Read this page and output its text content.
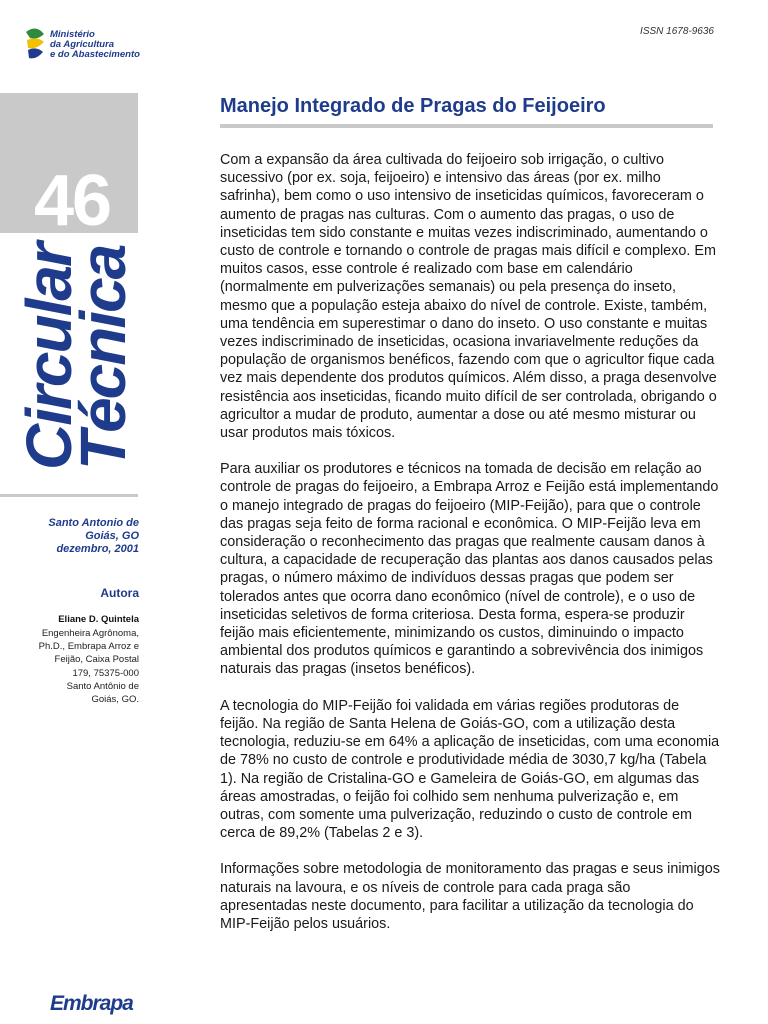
Ministério
da Agricultura
e do Abastecimento
ISSN 1678-9636
46
Circular
Técnica
Santo Antonio de
Goiás, GO
dezembro, 2001
Autora
Eliane D. Quintela
Engenheira Agrônoma,
Ph.D., Embrapa Arroz e
Feijão, Caixa Postal
179, 75375-000
Santo Antônio de
Goiás, GO.
Embrapa
Manejo Integrado de Pragas do Feijoeiro

Com a expansão da área cultivada do feijoeiro sob irrigação, o cultivo sucessivo (por ex. soja, feijoeiro) e intensivo das áreas (por ex. milho safrinha), bem como o uso intensivo de inseticidas químicos, favoreceram o aumento de pragas nas culturas. Com o aumento das pragas, o uso de inseticidas tem sido constante e muitas vezes indiscriminado, aumentando o custo de controle e tornando o controle de pragas mais difícil e complexo. Em muitos casos, esse controle é realizado com base em calendário (normalmente em pulverizações semanais) ou pela presença do inseto, mesmo que a população esteja abaixo do nível de controle. Existe, também, uma tendência em superestimar o dano do inseto. O uso constante e muitas vezes indiscriminado de inseticidas, ocasiona invariavelmente reduções da população de organismos benéficos, fazendo com que o agricultor fique cada vez mais dependente dos produtos químicos. Além disso, a praga desenvolve resistência aos inseticidas, ficando muito difícil de ser controlada, obrigando o agricultor a mudar de produto, aumentar a dose ou até mesmo misturar ou usar produtos mais tóxicos.

Para auxiliar os produtores e técnicos na tomada de decisão em relação ao controle de pragas do feijoeiro, a Embrapa Arroz e Feijão está implementando o manejo integrado de pragas do feijoeiro (MIP-Feijão), para que o controle das pragas seja feito de forma racional e econômica. O MIP-Feijão leva em consideração o reconhecimento das pragas que realmente causam danos à cultura, a capacidade de recuperação das plantas aos danos causados pelas pragas, o número máximo de indivíduos dessas pragas que podem ser tolerados antes que ocorra dano econômico (nível de controle), e o uso de inseticidas seletivos de forma criteriosa. Desta forma, espera-se produzir feijão mais eficientemente, minimizando os custos, diminuindo o impacto ambiental dos produtos químicos e garantindo a sobrevivência dos inimigos naturais das pragas (insetos benéficos).

A tecnologia do MIP-Feijão foi validada em várias regiões produtoras de feijão. Na região de Santa Helena de Goiás-GO, com a utilização desta tecnologia, reduziu-se em 64% a aplicação de inseticidas, com uma economia de 78% no custo de controle e produtividade média de 3030,7 kg/ha (Tabela 1). Na região de Cristalina-GO e Gameleira de Goiás-GO, em algumas das áreas amostradas, o feijão foi colhido sem nenhuma pulverização e, em outras, com somente uma pulverização, reduzindo o custo de controle em cerca de 89,2% (Tabelas 2 e 3).

Informações sobre metodologia de monitoramento das pragas e seus inimigos naturais na lavoura, e os níveis de controle para cada praga são apresentadas neste documento, para facilitar a utilização da tecnologia do MIP-Feijão pelos usuários.
